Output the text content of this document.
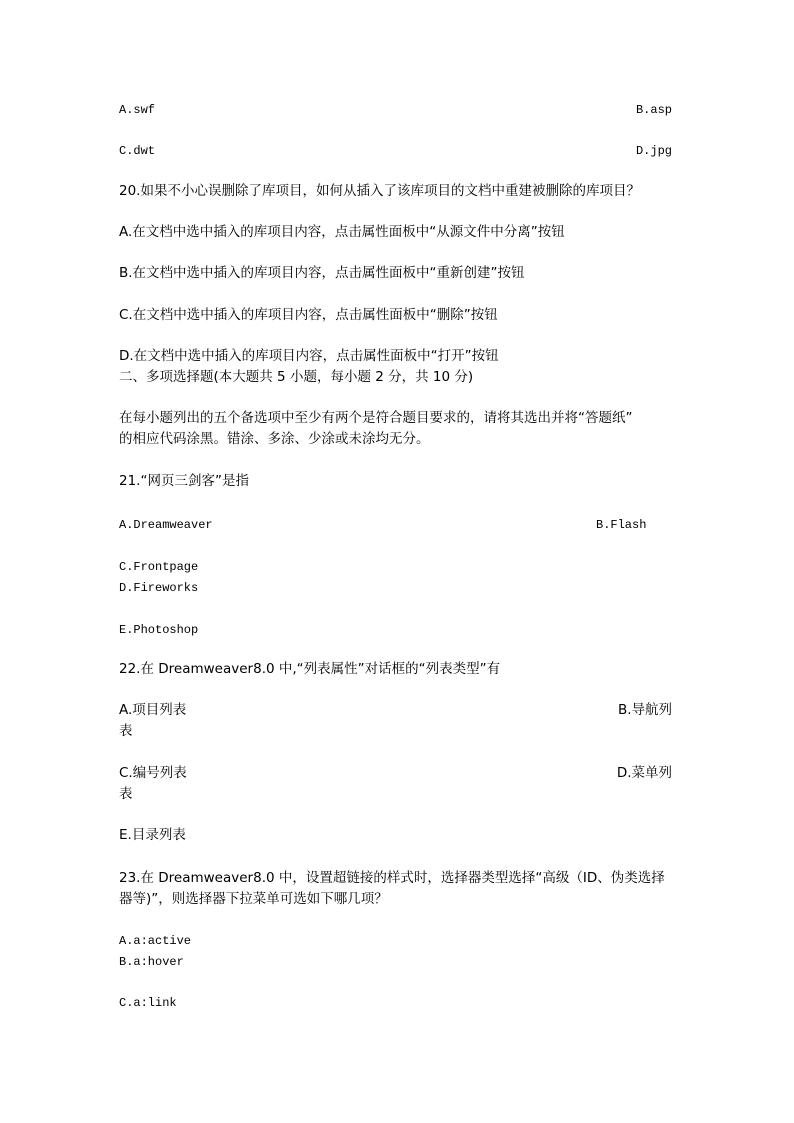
A.swf	B.asp
C.dwt	D.jpg
20.如果不小心误删除了库项目，如何从插入了该库项目的文档中重建被删除的库项目？
A.在文档中选中插入的库项目内容，点击属性面板中“从源文件中分离”按钮
B.在文档中选中插入的库项目内容，点击属性面板中“重新创建”按钮
C.在文档中选中插入的库项目内容，点击属性面板中“删除”按钮
D.在文档中选中插入的库项目内容，点击属性面板中“打开”按钮
二、多项选择题(本大题共 5 小题，每小题 2 分，共 10 分)
在每小题列出的五个备选项中至少有两个是符合题目要求的，请将其选出并将“答题纸”
的相应代码涂黑。错涂、多涂、少涂或未涂均无分。
21.“网页三剑客”是指
A.Dreamweaver	B.Flash
C.Frontpage
D.Fireworks
E.Photoshop
22.在 Dreamweaver8.0 中,“列表属性”对话框的“列表类型”有
A.项目列表	B.导航列
表
C.编号列表	D.菜单列
表
E.目录列表
23.在 Dreamweaver8.0 中，设置超链接的样式时，选择器类型选择“高级（ID、伪类选择
器等)”，则选择器下拉菜单可选如下哪几项？
A.a:active
B.a:hover
C.a:link
